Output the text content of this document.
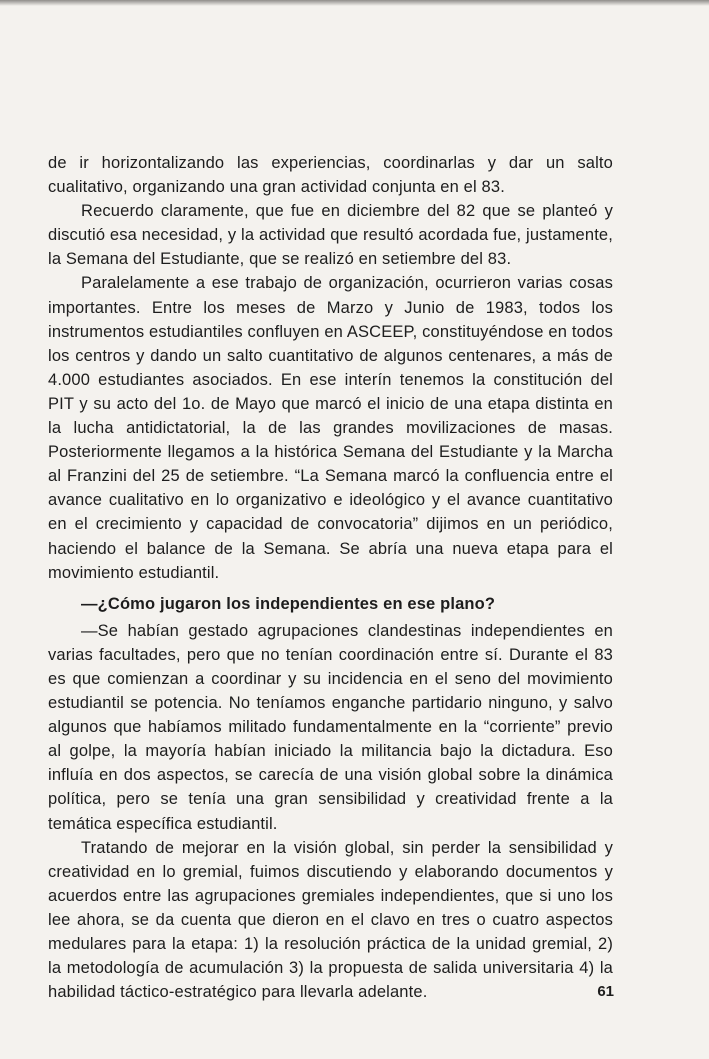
de ir horizontalizando las experiencias, coordinarlas y dar un salto cualitativo, organizando una gran actividad conjunta en el 83.

Recuerdo claramente, que fue en diciembre del 82 que se planteó y discutió esa necesidad, y la actividad que resultó acordada fue, justamente, la Semana del Estudiante, que se realizó en setiembre del 83.

Paralelamente a ese trabajo de organización, ocurrieron varias cosas importantes. Entre los meses de Marzo y Junio de 1983, todos los instrumentos estudiantiles confluyen en ASCEEP, constituyéndose en todos los centros y dando un salto cuantitativo de algunos centenares, a más de 4.000 estudiantes asociados. En ese interín tenemos la constitución del PIT y su acto del 1o. de Mayo que marcó el inicio de una etapa distinta en la lucha antidictatorial, la de las grandes movilizaciones de masas. Posteriormente llegamos a la histórica Semana del Estudiante y la Marcha al Franzini del 25 de setiembre. “La Semana marcó la confluencia entre el avance cualitativo en lo organizativo e ideológico y el avance cuantitativo en el crecimiento y capacidad de convocatoria” dijimos en un periódico, haciendo el balance de la Semana. Se abría una nueva etapa para el movimiento estudiantil.

—¿Cómo jugaron los independientes en ese plano?

—Se habían gestado agrupaciones clandestinas independientes en varias facultades, pero que no tenían coordinación entre sí. Durante el 83 es que comienzan a coordinar y su incidencia en el seno del movimiento estudiantil se potencia. No teníamos enganche partidario ninguno, y salvo algunos que habíamos militado fundamentalmente en la “corriente” previo al golpe, la mayoría habían iniciado la militancia bajo la dictadura. Eso influía en dos aspectos, se carecía de una visión global sobre la dinámica política, pero se tenía una gran sensibilidad y creatividad frente a la temática específica estudiantil.

Tratando de mejorar en la visión global, sin perder la sensibilidad y creatividad en lo gremial, fuimos discutiendo y elaborando documentos y acuerdos entre las agrupaciones gremiales independientes, que si uno los lee ahora, se da cuenta que dieron en el clavo en tres o cuatro aspectos medulares para la etapa: 1) la resolución práctica de la unidad gremial, 2) la metodología de acumulación 3) la propuesta de salida universitaria 4) la habilidad táctico-estratégico para llevarla adelante.	61
